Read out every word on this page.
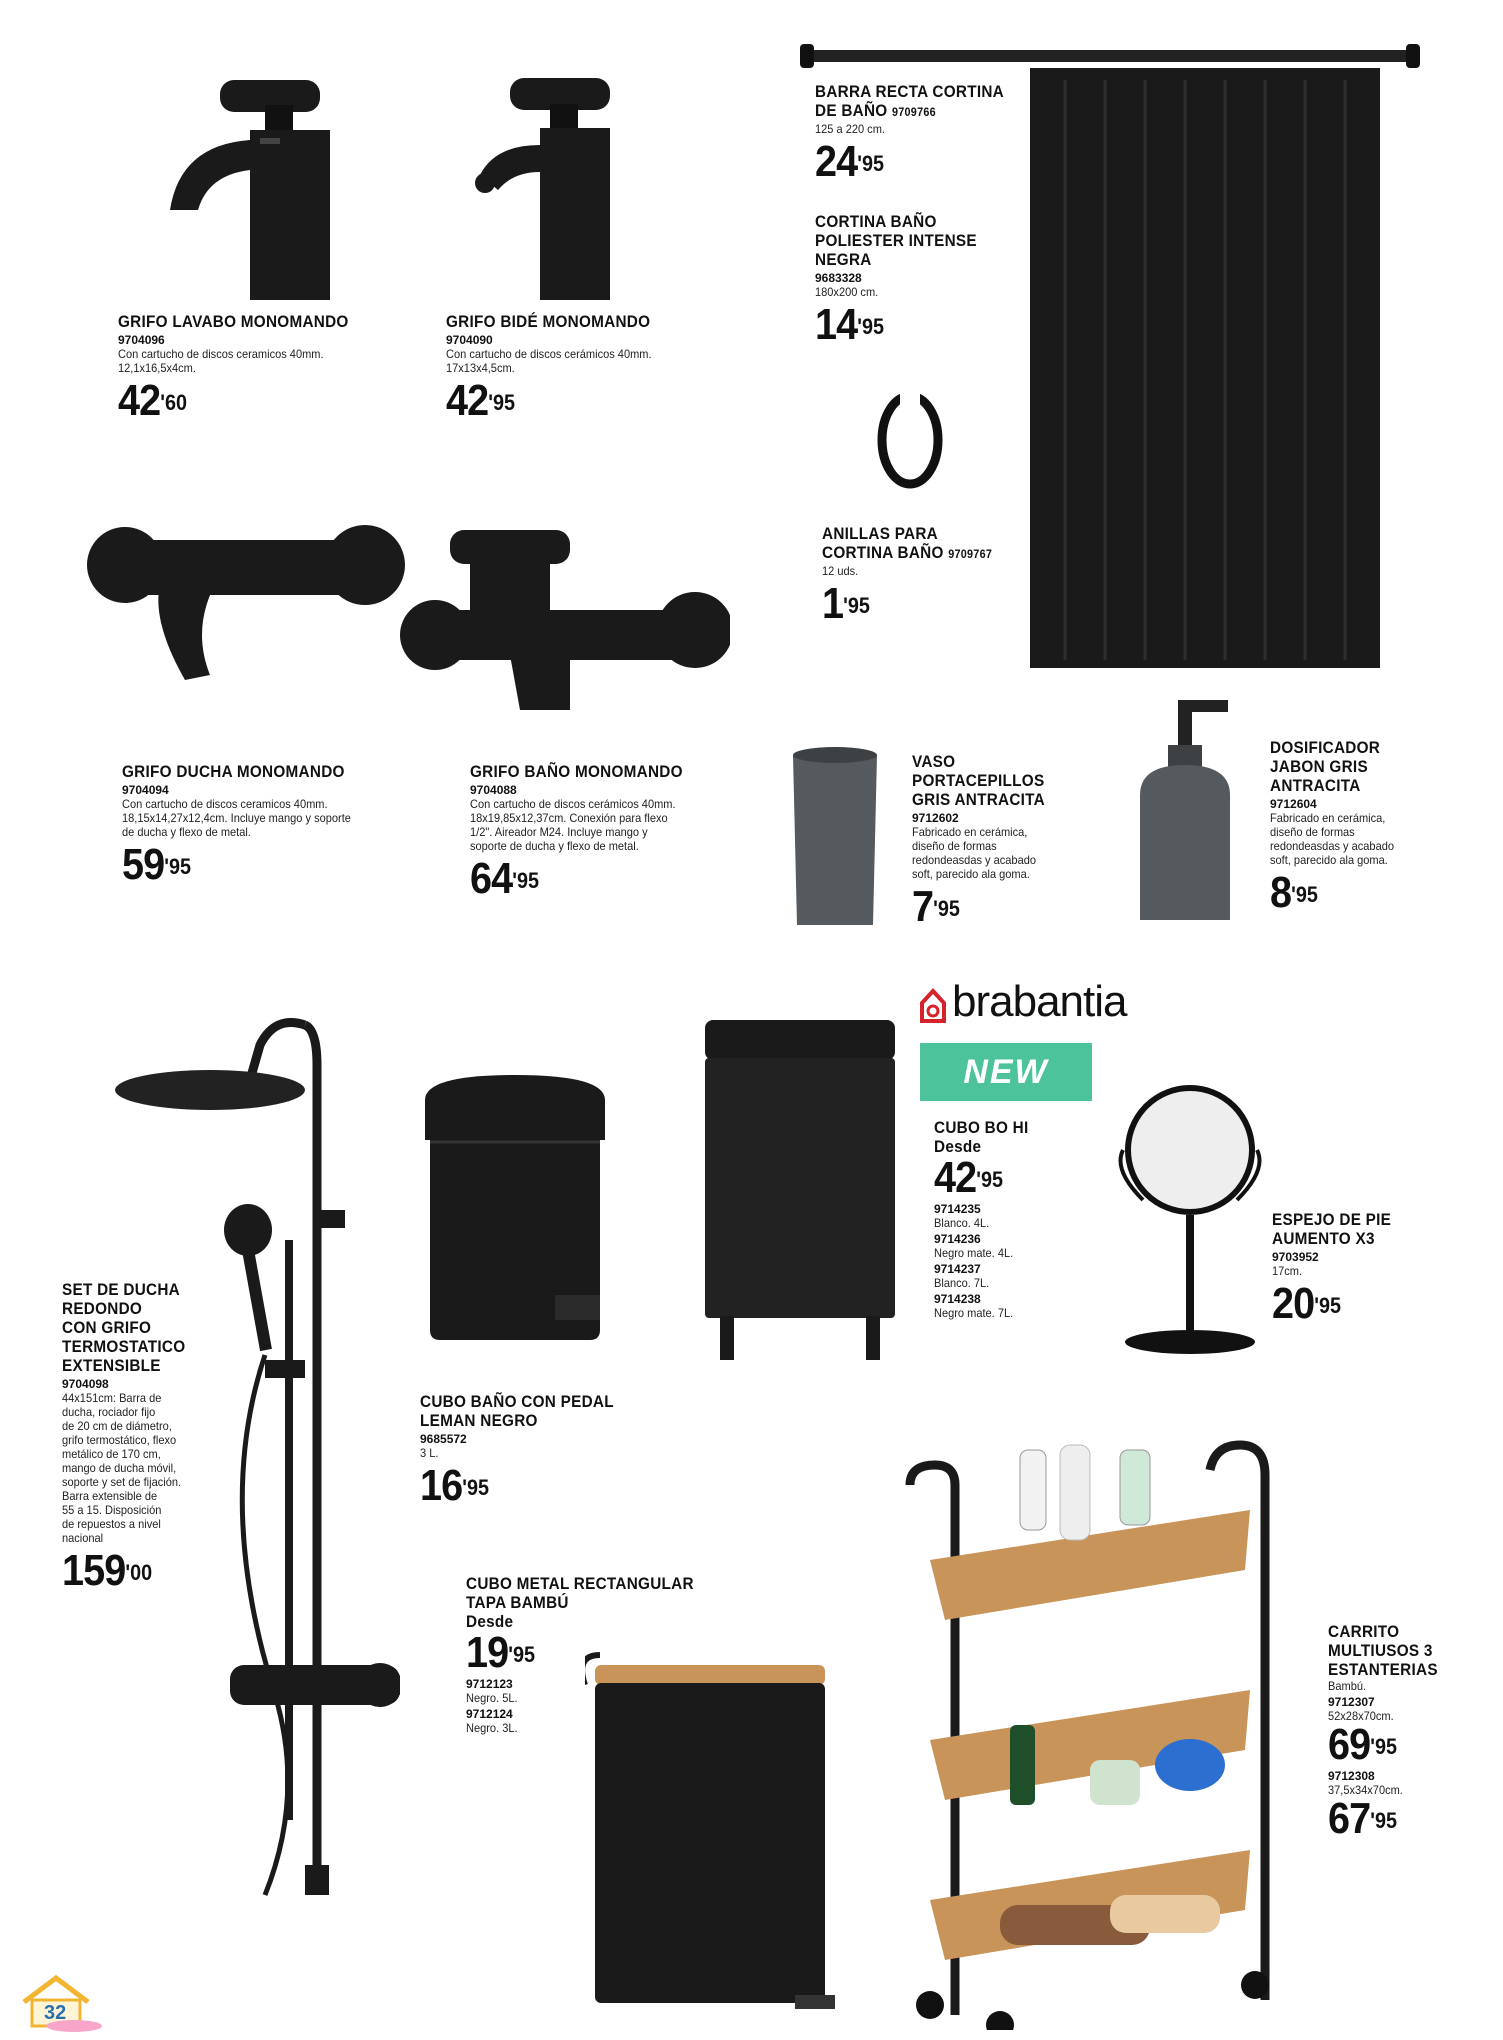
brabantia
NEW
GRIFO LAVABO MONOMANDO
9704096
Con cartucho de discos ceramicos 40mm.
12,1x16,5x4cm.
$42^{'60}$
GRIFO BIDÉ MONOMANDO
9704090
Con cartucho de discos cerámicos 40mm.
17x13x4,5cm.
$42^{'95}$
BARRA RECTA CORTINA
DE BAÑO 9709766
125 a 220 cm.
$24^{'95}$
CORTINA BAÑO
POLIESTER INTENSE
NEGRA
9683328
180x200 cm.
$14^{'95}$
ANILLAS PARA
CORTINA BAÑO 9709767
12 uds.
$1^{'95}$
GRIFO DUCHA MONOMANDO
9704094
Con cartucho de discos ceramicos 40mm.
18,15x14,27x12,4cm. Incluye mango y soporte
de ducha y flexo de metal.
$59^{'95}$
GRIFO BAÑO MONOMANDO
9704088
Con cartucho de discos cerámicos 40mm.
18x19,85x12,37cm. Conexión para flexo
1/2". Aireador M24. Incluye mango y
soporte de ducha y flexo de metal.
$64^{'95}$
VASO
PORTACEPILLOS
GRIS ANTRACITA
9712602
Fabricado en cerámica,
diseño de formas
redondeasdas y acabado
soft, parecido ala goma.
$7^{'95}$
DOSIFICADOR
JABON GRIS
ANTRACITA
9712604
Fabricado en cerámica,
diseño de formas
redondeasdas y acabado
soft, parecido ala goma.
$8^{'95}$
SET DE DUCHA
REDONDO
CON GRIFO
TERMOSTATICO
EXTENSIBLE
9704098
44x151cm: Barra de
ducha, rociador fijo
de 20 cm de diámetro,
grifo termostático, flexo
metálico de 170 cm,
mango de ducha móvil,
soporte y set de fijación.
Barra extensible de
55 a 15. Disposición
de repuestos a nivel
nacional
$159^{'00}$
CUBO BAÑO CON PEDAL
LEMAN NEGRO
9685572
3 L.
$16^{'95}$
CUBO BO HI
Desde
$42^{'95}$
9714235
Blanco. 4L.
9714236
Negro mate. 4L.
9714237
Blanco. 7L.
9714238
Negro mate. 7L.
ESPEJO DE PIE
AUMENTO X3
9703952
17cm.
$20^{'95}$
CUBO METAL RECTANGULAR
TAPA BAMBÚ
Desde
$19^{'95}$
9712123
Negro. 5L.
9712124
Negro. 3L.
CARRITO
MULTIUSOS 3
ESTANTERIAS
Bambú.
9712307
52x28x70cm.
$69^{'95}$
9712308
37,5x34x70cm.
$67^{'95}$
32
